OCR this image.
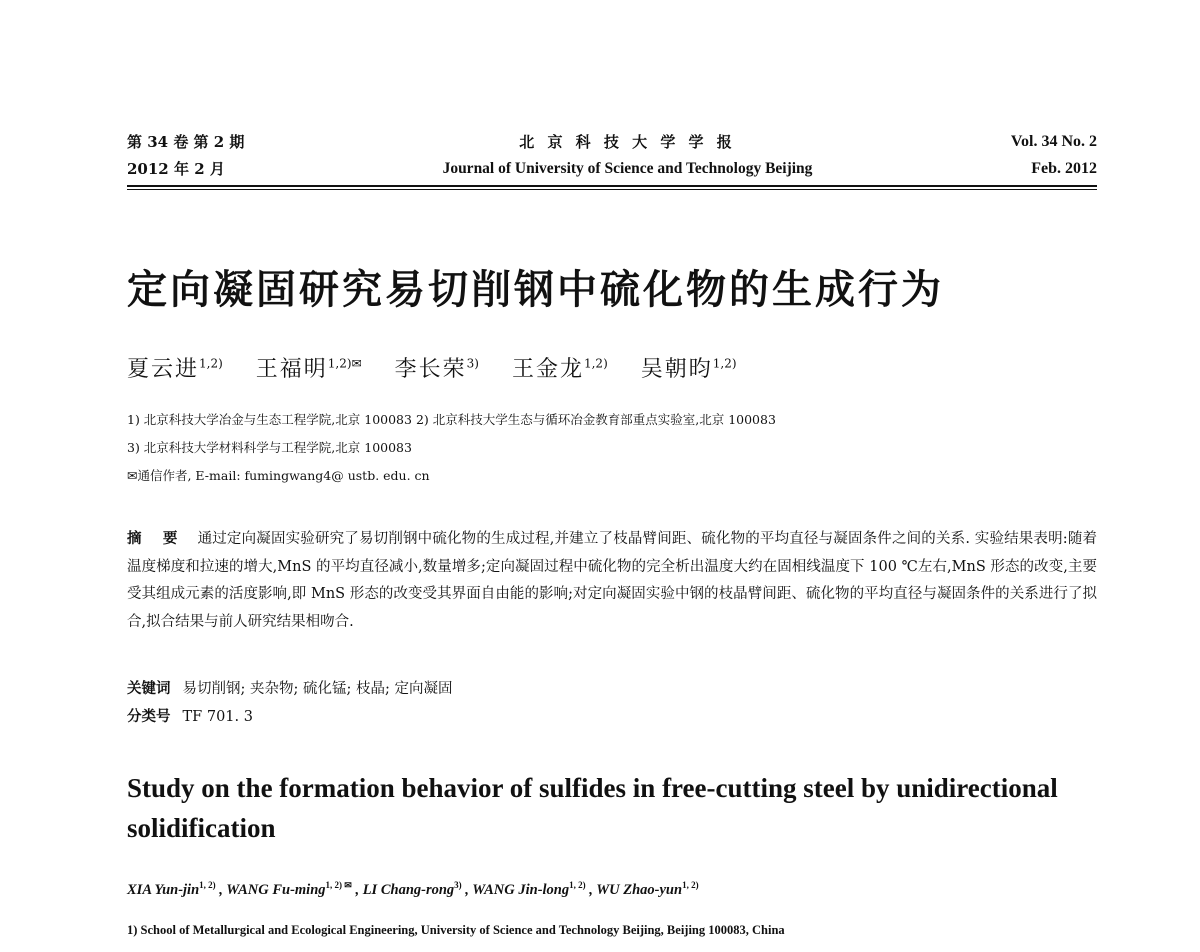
第 34 卷 第 2 期
2012 年 2 月
北 京 科 技 大 学 学 报
Journal of University of Science and Technology Beijing
Vol. 34 No. 2
Feb. 2012
定向凝固研究易切削钢中硫化物的生成行为
夏云进$^{1,2)}$ 王福明$^{1,2)✉}$ 李长荣$^{3)}$ 王金龙$^{1,2)}$ 吴朝昀$^{1,2)}$
1) 北京科技大学冶金与生态工程学院,北京 100083 2) 北京科技大学生态与循环冶金教育部重点实验室,北京 100083
3) 北京科技大学材料科学与工程学院,北京 100083
✉通信作者, E-mail: fumingwang4@ ustb. edu. cn
摘 要 通过定向凝固实验研究了易切削钢中硫化物的生成过程,并建立了枝晶臂间距、硫化物的平均直径与凝固条件之间的关系. 实验结果表明:随着温度梯度和拉速的增大,MnS 的平均直径减小,数量增多;定向凝固过程中硫化物的完全析出温度大约在固相线温度下 100 ℃左右,MnS 形态的改变,主要受其组成元素的活度影响,即 MnS 形态的改变受其界面自由能的影响;对定向凝固实验中钢的枝晶臂间距、硫化物的平均直径与凝固条件的关系进行了拟合,拟合结果与前人研究结果相吻合.
关键词 易切削钢; 夹杂物; 硫化锰; 枝晶; 定向凝固
分类号 TF 701. 3
Study on the formation behavior of sulfides in free-cutting steel by unidirectional solidification
XIA Yun-jin$^{1, 2)}$ , WANG Fu-ming$^{1, 2) ✉}$ , LI Chang-rong$^{3)}$ , WANG Jin-long$^{1, 2)}$ , WU Zhao-yun$^{1, 2)}$
1) School of Metallurgical and Ecological Engineering, University of Science and Technology Beijing, Beijing 100083, China
